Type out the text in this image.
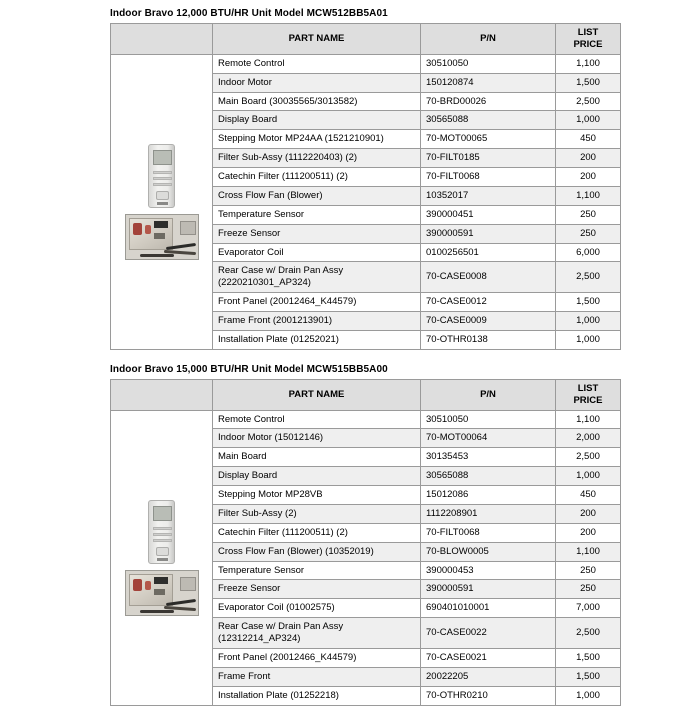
Indoor Bravo 12,000 BTU/HR Unit Model MCW512BB5A01
	PART NAME	P/N	LIST
PRICE

	Remote Control	30510050	1,100
	Indoor Motor	150120874	1,500
	Main Board (30035565/3013582)	70-BRD00026	2,500
	Display Board	30565088	1,000
	Stepping Motor MP24AA (1521210901)	70-MOT00065	450
	Filter Sub-Assy (1112220403) (2)	70-FILT0185	200
	Catechin Filter (111200511) (2)	70-FILT0068	200
	Cross Flow Fan (Blower)	10352017	1,100
	Temperature Sensor	390000451	250
	Freeze Sensor	390000591	250
	Evaporator Coil	0100256501	6,000
	Rear Case w/ Drain Pan Assy (2220210301_AP324)	70-CASE0008	2,500
	Front Panel (20012464_K44579)	70-CASE0012	1,500
	Frame Front (2001213901)	70-CASE0009	1,000
	Installation Plate (01252021)	70-OTHR0138	1,000
Indoor Bravo 15,000 BTU/HR Unit Model MCW515BB5A00
	PART NAME	P/N	LIST
PRICE

	Remote Control	30510050	1,100
	Indoor Motor (15012146)	70-MOT00064	2,000
	Main Board	30135453	2,500
	Display Board	30565088	1,000
	Stepping Motor MP28VB	15012086	450
	Filter Sub-Assy (2)	1112208901	200
	Catechin Filter (111200511) (2)	70-FILT0068	200
	Cross Flow Fan (Blower) (10352019)	70-BLOW0005	1,100
	Temperature Sensor	390000453	250
	Freeze Sensor	390000591	250
	Evaporator Coil (01002575)	690401010001	7,000
	Rear Case w/ Drain Pan Assy (12312214_AP324)	70-CASE0022	2,500
	Front Panel (20012466_K44579)	70-CASE0021	1,500
	Frame Front	20022205	1,500
	Installation Plate (01252218)	70-OTHR0210	1,000
